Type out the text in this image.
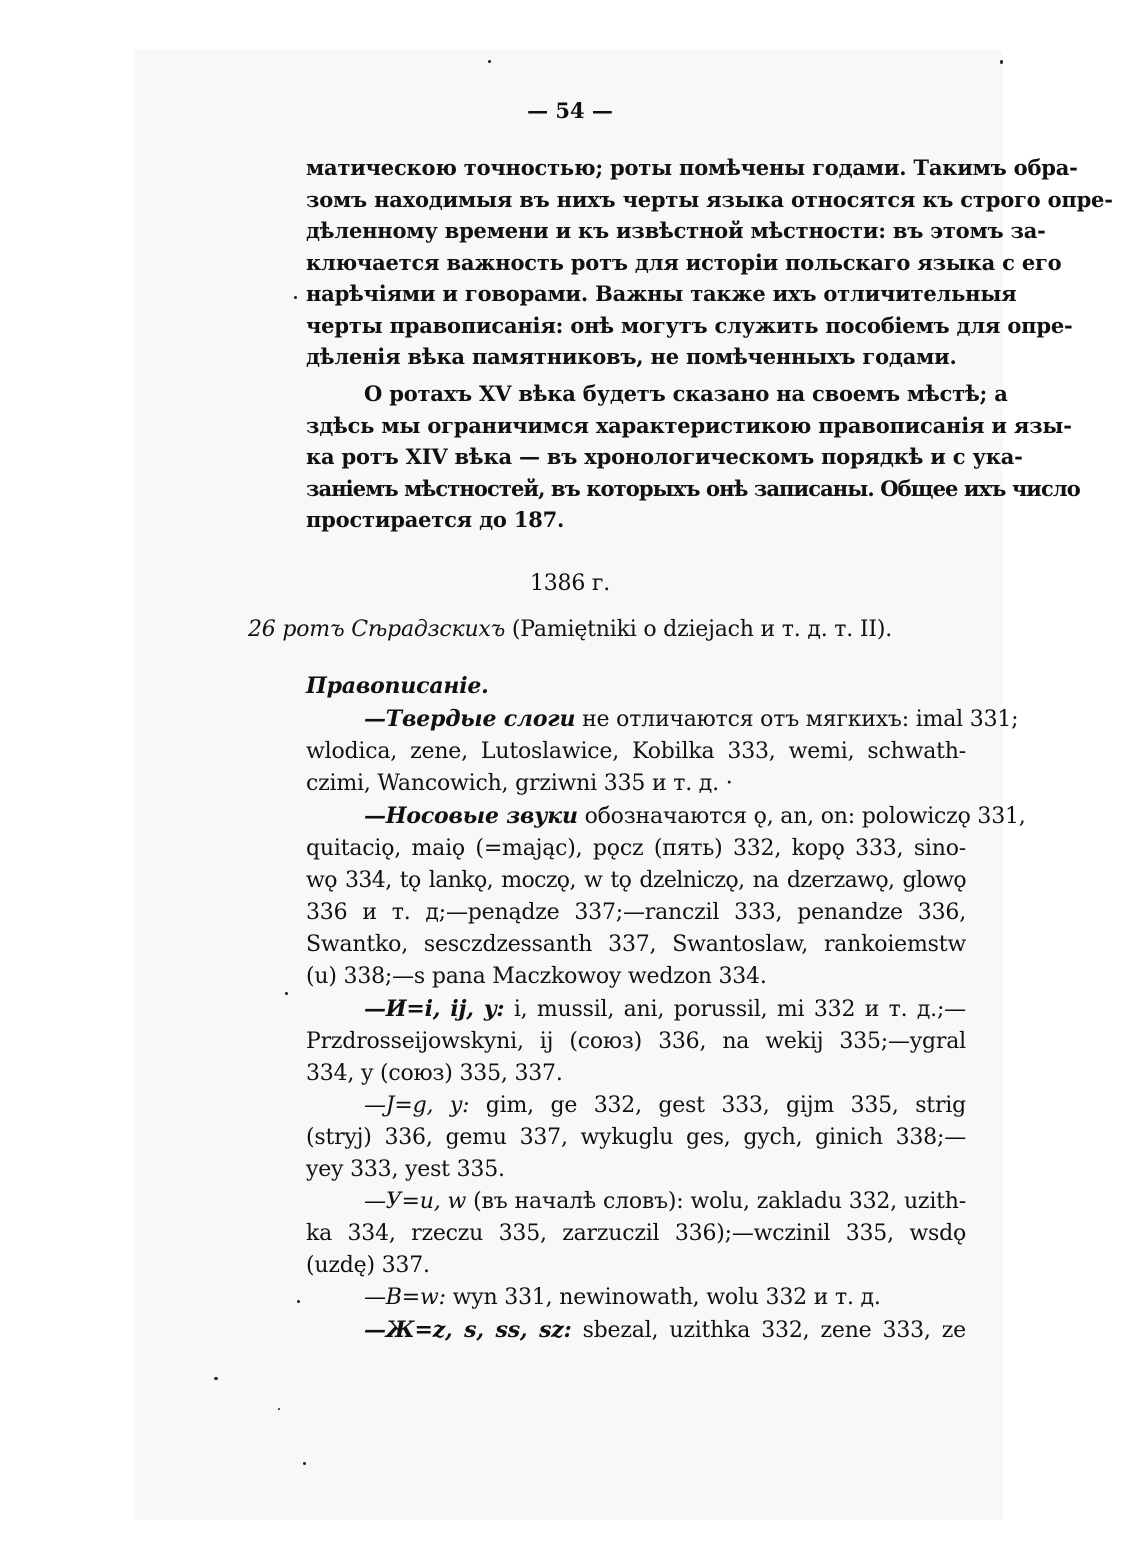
— 54 —
матическою точностью; роты помѣчены годами. Такимъ обра-
зомъ находимыя въ нихъ черты языка относятся къ строго опре-
дѣленному времени и къ извѣстной мѣстности: въ этомъ за-
ключается важность ротъ для исторіи польскаго языка с его
нарѣчіями и говорами. Важны также ихъ отличительныя
черты правописанія: онѣ могутъ служить пособіемъ для опре-
дѣленія вѣка памятниковъ, не помѣченныхъ годами.
О ротахъ XV вѣка будетъ сказано на своемъ мѣстѣ; а
здѣсь мы ограничимся характеристикою правописанія и язы-
ка ротъ XIV вѣка — въ хронологическомъ порядкѣ и с ука-
заніемъ мѣстностей, въ которыхъ онѣ записаны. Общее ихъ число
простирается до 187.
1386 г.
26 ротъ Сѣрадзскихъ (Pamiętniki o dziejach и т. д. т. II).
Правописаніе.
—Твердые слоги не отличаются отъ мягкихъ: imal 331;
wlodica, zene, Lutoslawice, Kobilka 333, wemi, schwath-
czimi, Wancowich, grziwni 335 и т. д. ·
—Носовые звуки обозначаются ǫ, an, on: polowiczǫ 331,
quitaciǫ, maiǫ (=mając), pǫcz (пять) 332, kopǫ 333, sino-
wǫ 334, tǫ lankǫ, moczǫ, w tǫ dzelniczǫ, na dzerzawǫ, glowǫ
336 и т. д;—penądze 337;—ranczil 333, penandze 336,
Swantko, sesczdzessanth 337, Swantoslaw, rankoiemstw
(u) 338;—s pana Maczkowoy wedzon 334.
—И=i, ij, y: i, mussil, ani, porussil, mi 332 и т. д.;—
Przdrosseijowskyni, ij (союз) 336, na wekij 335;—ygral
334, y (союз) 335, 337.
—J=g, y: gim, ge 332, gest 333, gijm 335, strig
(stryj) 336, gemu 337, wykuglu ges, gych, ginich 338;—
yey 333, yest 335.
—У=u, w (въ началѣ словъ): wolu, zakladu 332, uzith-
ka 334, rzeczu 335, zarzuczil 336);—wczinil 335, wsdǫ
(uzdę) 337.
—В=w: wyn 331, newinowath, wolu 332 и т. д.
—Ж=z, s, ss, sz: sbezal, uzithka 332, zene 333, ze
